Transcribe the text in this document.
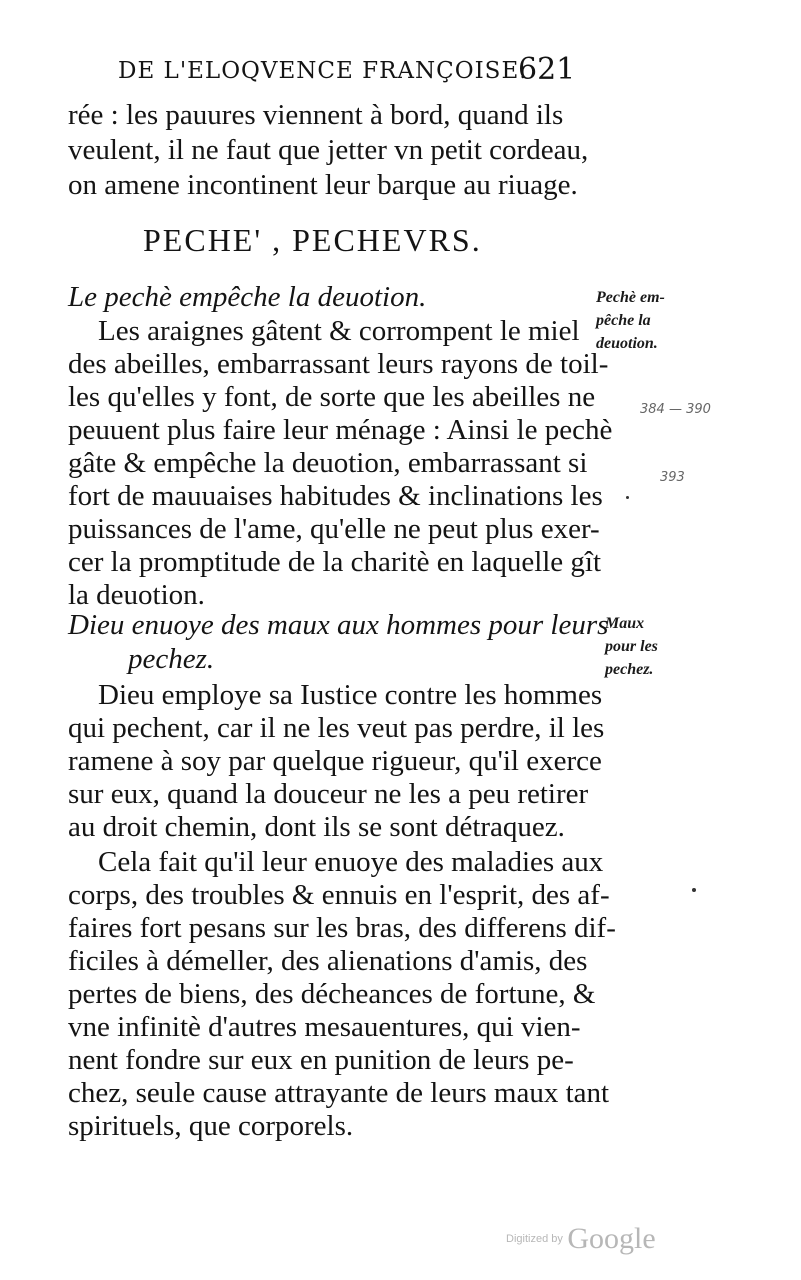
DE L'ELOQVENCE FRANÇOISE.
621
rée : les pauures viennent à bord, quand ils
veulent, il ne faut que jetter vn petit cordeau,
on amene incontinent leur barque au riuage.
PECHE' , PECHEVRS.
Le pechè empêche la deuotion.
Les araignes gâtent & corrompent le miel
des abeilles, embarrassant leurs rayons de toil-
les qu'elles y font, de sorte que les abeilles ne
peuuent plus faire leur ménage : Ainsi le pechè
gâte & empêche la deuotion, embarrassant si
fort de mauuaises habitudes & inclinations les
puissances de l'ame, qu'elle ne peut plus exer-
cer la promptitude de la charitè en laquelle gît
la deuotion.
Dieu enuoye des maux aux hommes pour leurs
pechez.
Dieu employe sa Iustice contre les hommes
qui pechent, car il ne les veut pas perdre, il les
ramene à soy par quelque rigueur, qu'il exerce
sur eux, quand la douceur ne les a peu retirer
au droit chemin, dont ils se sont détraquez.
Cela fait qu'il leur enuoye des maladies aux
corps, des troubles & ennuis en l'esprit, des af-
faires fort pesans sur les bras, des differens dif-
ficiles à démeller, des alienations d'amis, des
pertes de biens, des décheances de fortune, &
vne infinitè d'autres mesauentures, qui vien-
nent fondre sur eux en punition de leurs pe-
chez, seule cause attrayante de leurs maux tant
spirituels, que corporels.
Pechè em-
pêche la
deuotion.
Maux
pour les
pechez.
384 — 390
393
Digitized by Google
